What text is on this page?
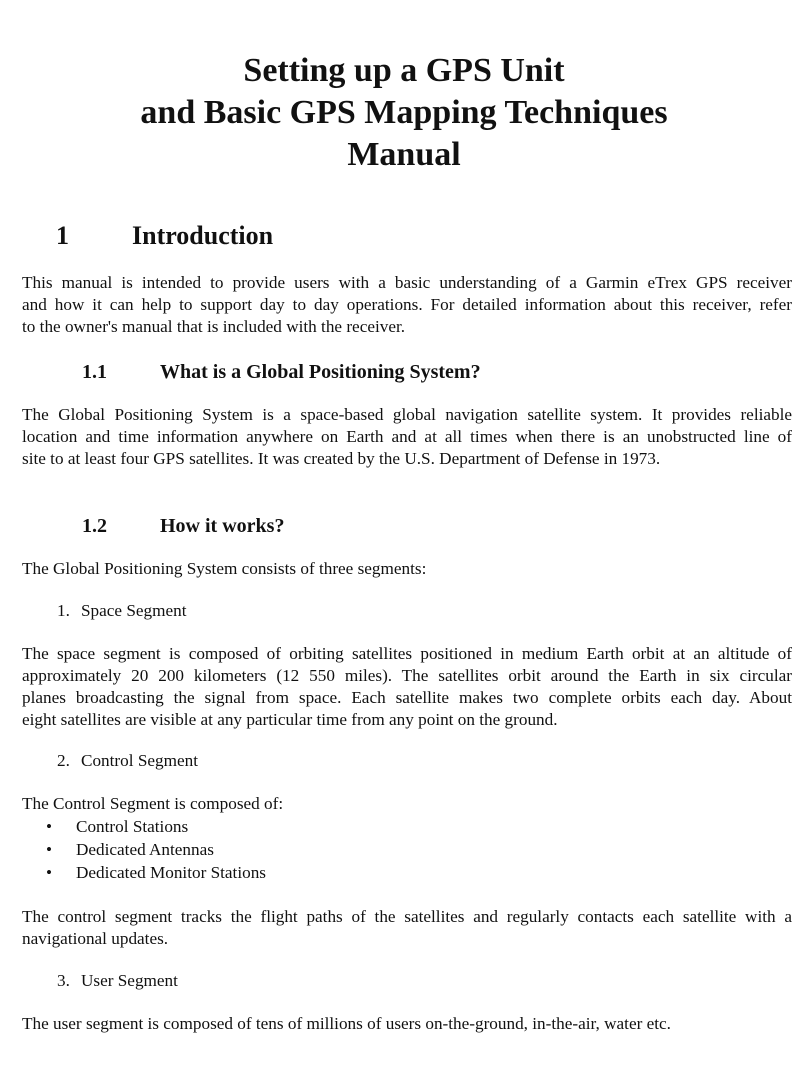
Setting up a GPS Unit
and Basic GPS Mapping Techniques
Manual
1 Introduction

This manual is intended to provide users with a basic understanding of a Garmin eTrex GPS receiver
and how it can help to support day to day operations. For detailed information about this receiver, refer
to the owner's manual that is included with the receiver.

1.1	What is a Global Positioning System?

The Global Positioning System is a space-based global navigation satellite system. It provides reliable
location and time information anywhere on Earth and at all times when there is an unobstructed line of
site to at least four GPS satellites. It was created by the U.S. Department of Defense in 1973.

1.2	How it works?

The Global Positioning System consists of three segments:

1. Space Segment

The space segment is composed of orbiting satellites positioned in medium Earth orbit at an altitude of
approximately 20 200 kilometers (12 550 miles). The satellites orbit around the Earth in six circular
planes broadcasting the signal from space. Each satellite makes two complete orbits each day. About
eight satellites are visible at any particular time from any point on the ground.

2. Control Segment

The Control Segment is composed of:

• Control Stations
• Dedicated Antennas
• Dedicated Monitor Stations

The control segment tracks the flight paths of the satellites and regularly contacts each satellite with a
navigational updates.

3. User Segment

The user segment is composed of tens of millions of users on-the-ground, in-the-air, water etc.
